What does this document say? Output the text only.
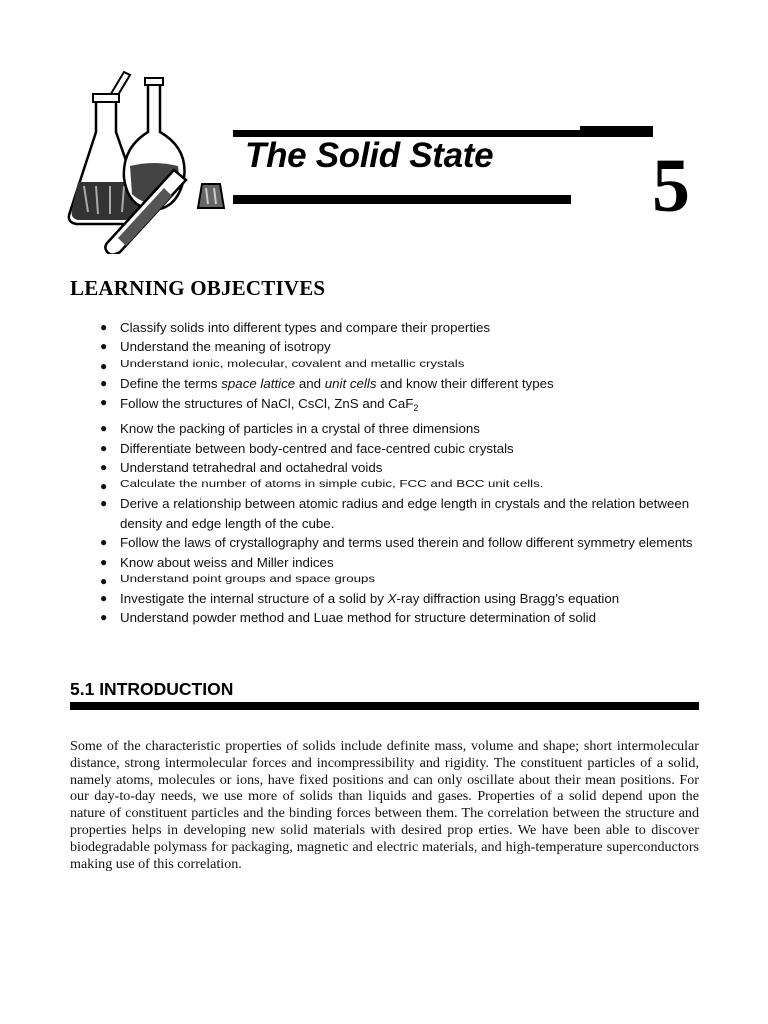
The Solid State 5
LEARNING OBJECTIVES
● Classify solids into different types and compare their properties
● Understand the meaning of isotropy
● Understand ionic, molecular, covalent and metallic crystals
● Define the terms space lattice and unit cells and know their different types
● Follow the structures of NaCl, CsCl, ZnS and CaF$_2$
● Know the packing of particles in a crystal of three dimensions
● Differentiate between body-centred and face-centred cubic crystals
● Understand tetrahedral and octahedral voids
● Calculate the number of atoms in simple cubic, FCC and BCC unit cells.
● Derive a relationship between atomic radius and edge length in crystals and the relation between density and edge length of the cube.
● Follow the laws of crystallography and terms used therein and follow different symmetry elements
● Know about weiss and Miller indices
● Understand point groups and space groups
● Investigate the internal structure of a solid by X-ray diffraction using Bragg’s equation
● Understand powder method and Luae method for structure determination of solid
5.1 INTRODUCTION

Some of the characteristic properties of solids include definite mass, volume and shape; short intermolecular distance, strong intermolecular forces and incompressibility and rigidity. The constituent particles of a solid, namely atoms, molecules or ions, have fixed positions and can only oscillate about their mean positions. For our day-to-day needs, we use more of solids than liquids and gases. Properties of a solid depend upon the nature of constituent particles and the binding forces between them. The correlation between the structure and properties helps in developing new solid materials with desired prop erties. We have been able to discover biodegradable polymass for packaging, magnetic and electric materials, and high-temperature superconductors making use of this correlation.
